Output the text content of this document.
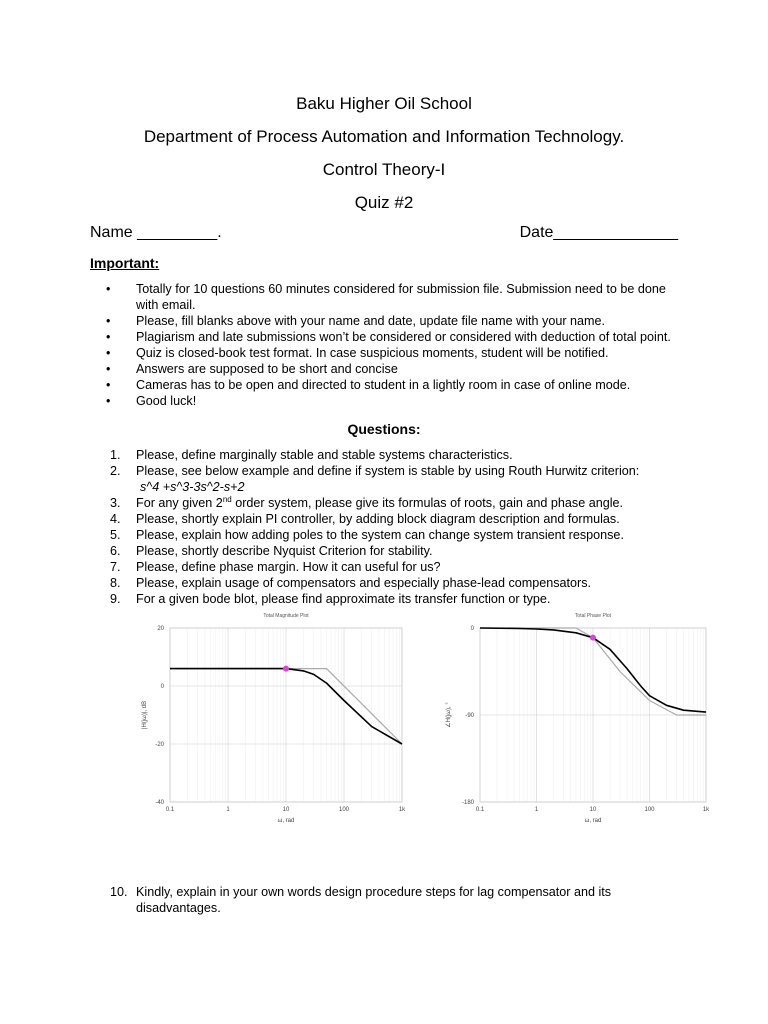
Baku Higher Oil School
Department of Process Automation and Information Technology.
Control Theory-I
Quiz #2
Name _________.	Date______________
Important:
• Totally for 10 questions 60 minutes considered for submission file. Submission need to be done with email.
• Please, fill blanks above with your name and date, update file name with your name.
• Plagiarism and late submissions won’t be considered or considered with deduction of total point.
• Quiz is closed-book test format. In case suspicious moments, student will be notified.
• Answers are supposed to be short and concise
• Cameras has to be open and directed to student in a lightly room in case of online mode.
• Good luck!
Questions:
1. Please, define marginally stable and stable systems characteristics.
2. Please, see below example and define if system is stable by using Routh Hurwitz criterion:
s^4 +s^3-3s^2-s+2
3. For any given 2nd order system, please give its formulas of roots, gain and phase angle.
4. Please, shortly explain PI controller, by adding block diagram description and formulas.
5. Please, explain how adding poles to the system can change system transient response.
6. Please, shortly describe Nyquist Criterion for stability.
7. Please, define phase margin. How it can useful for us?
8. Please, explain usage of compensators and especially phase-lead compensators.
9. For a given bode blot, please find approximate its transfer function or type.
Total Magnitude Plot
0.1	1	10	100	1k
20
0
-20
-40
ω, rad
|H(jω)|, dB
Total Phase Plot
0.1	1	10	100	1k
0
-90
-180
ω, rad
∠H(jω), °
10. Kindly, explain in your own words design procedure steps for lag compensator and its disadvantages.
